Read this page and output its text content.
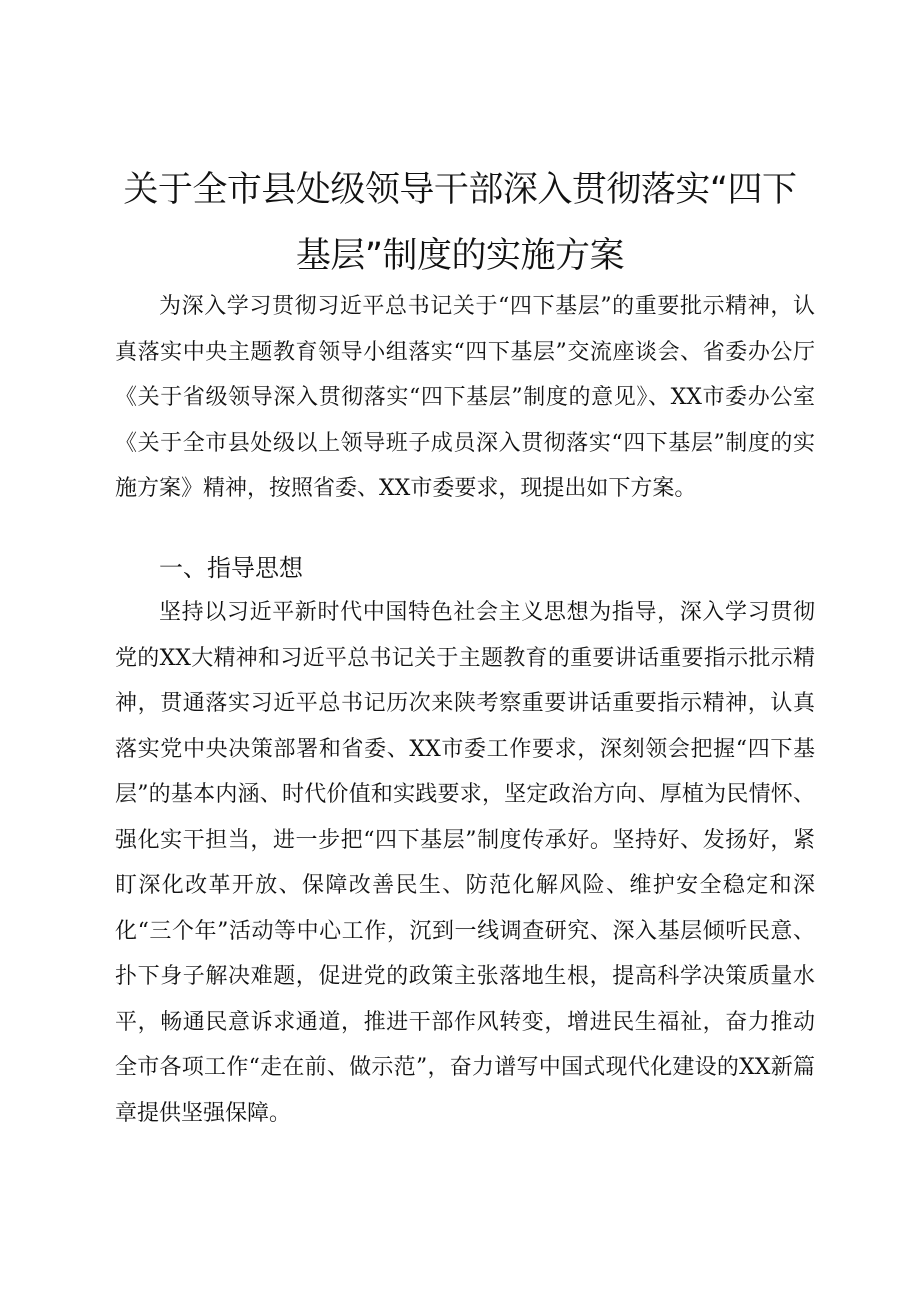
关于全市县处级领导干部深入贯彻落实“四下
基层”制度的实施方案

为深入学习贯彻习近平总书记关于“四下基层”的重要批示精神，认真落实中央主题教育领导小组落实“四下基层”交流座谈会、省委办公厅《关于省级领导深入贯彻落实“四下基层”制度的意见》、XX市委办公室《关于全市县处级以上领导班子成员深入贯彻落实“四下基层”制度的实施方案》精神，按照省委、XX市委要求，现提出如下方案。

一、指导思想

坚持以习近平新时代中国特色社会主义思想为指导，深入学习贯彻党的XX大精神和习近平总书记关于主题教育的重要讲话重要指示批示精神，贯通落实习近平总书记历次来陕考察重要讲话重要指示精神，认真落实党中央决策部署和省委、XX市委工作要求，深刻领会把握“四下基层”的基本内涵、时代价值和实践要求，坚定政治方向、厚植为民情怀、强化实干担当，进一步把“四下基层”制度传承好。坚持好、发扬好，紧盯深化改革开放、保障改善民生、防范化解风险、维护安全稳定和深化“三个年”活动等中心工作，沉到一线调查研究、深入基层倾听民意、扑下身子解决难题，促进党的政策主张落地生根，提高科学决策质量水平，畅通民意诉求通道，推进干部作风转变，增进民生福祉，奋力推动全市各项工作“走在前、做示范”，奋力谱写中国式现代化建设的XX新篇章提供坚强保障。
